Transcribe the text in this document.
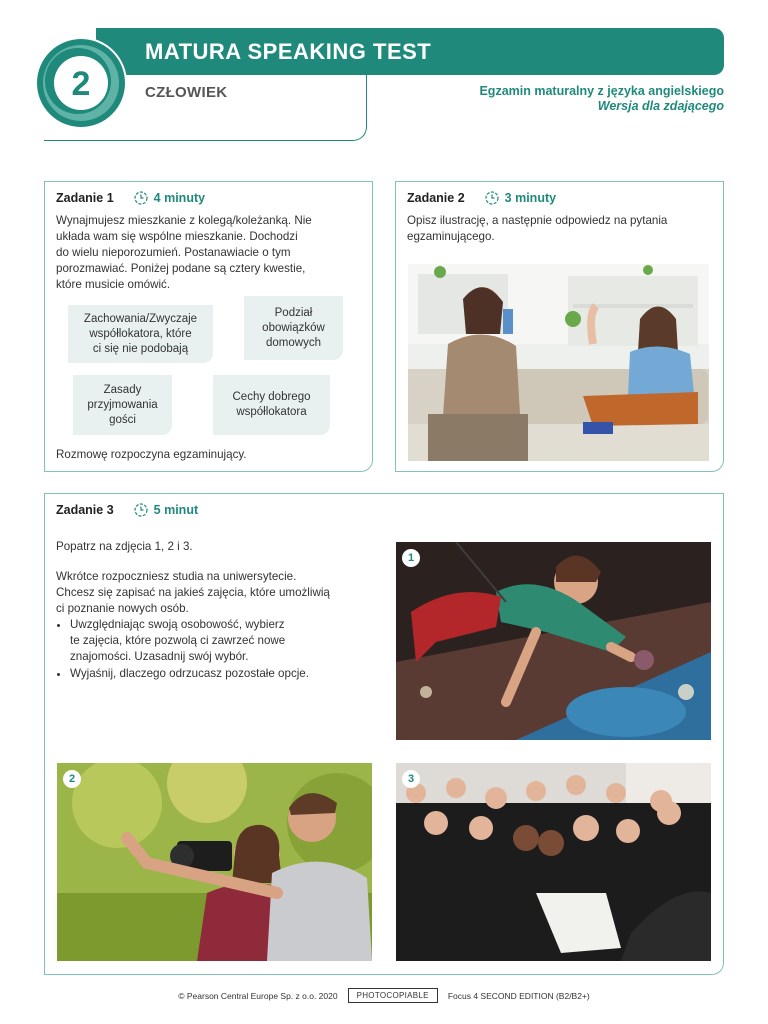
MATURA SPEAKING TEST
2	CZŁOWIEK	Egzamin maturalny z języka angielskiego
Wersja dla zdającego
Zadanie 1	4 minuty
Wynajmujesz mieszkanie z kolegą/koleżanką. Nie
układa wam się wspólne mieszkanie. Dochodzi
do wielu nieporozumień. Postanawiacie o tym
porozmawiać. Poniżej podane są cztery kwestie,
które musicie omówić.
Zachowania/Zwyczaje
współlokatora, które
ci się nie podobają
Podział
obowiązków
domowych
Zasady
przyjmowania
gości
Cechy dobrego
współlokatora
Rozmowę rozpoczyna egzaminujący.
Zadanie 2	3 minuty
Opisz ilustrację, a następnie odpowiedz na pytania
egzaminującego.
Zadanie 3	5 minut
Popatrz na zdjęcia 1, 2 i 3.
Wkrótce rozpoczniesz studia na uniwersytecie.
Chcesz się zapisać na jakieś zajęcia, które umożliwią
ci poznanie nowych osób.
• Uwzględniając swoją osobowość, wybierz
te zajęcia, które pozwolą ci zawrzeć nowe
znajomości. Uzasadnij swój wybór.
• Wyjaśnij, dlaczego odrzucasz pozostałe opcje.
1
2	3
© Pearson Central Europe Sp. z o.o. 2020	PHOTOCOPIABLE	Focus 4 SECOND EDITION (B2/B2+)
